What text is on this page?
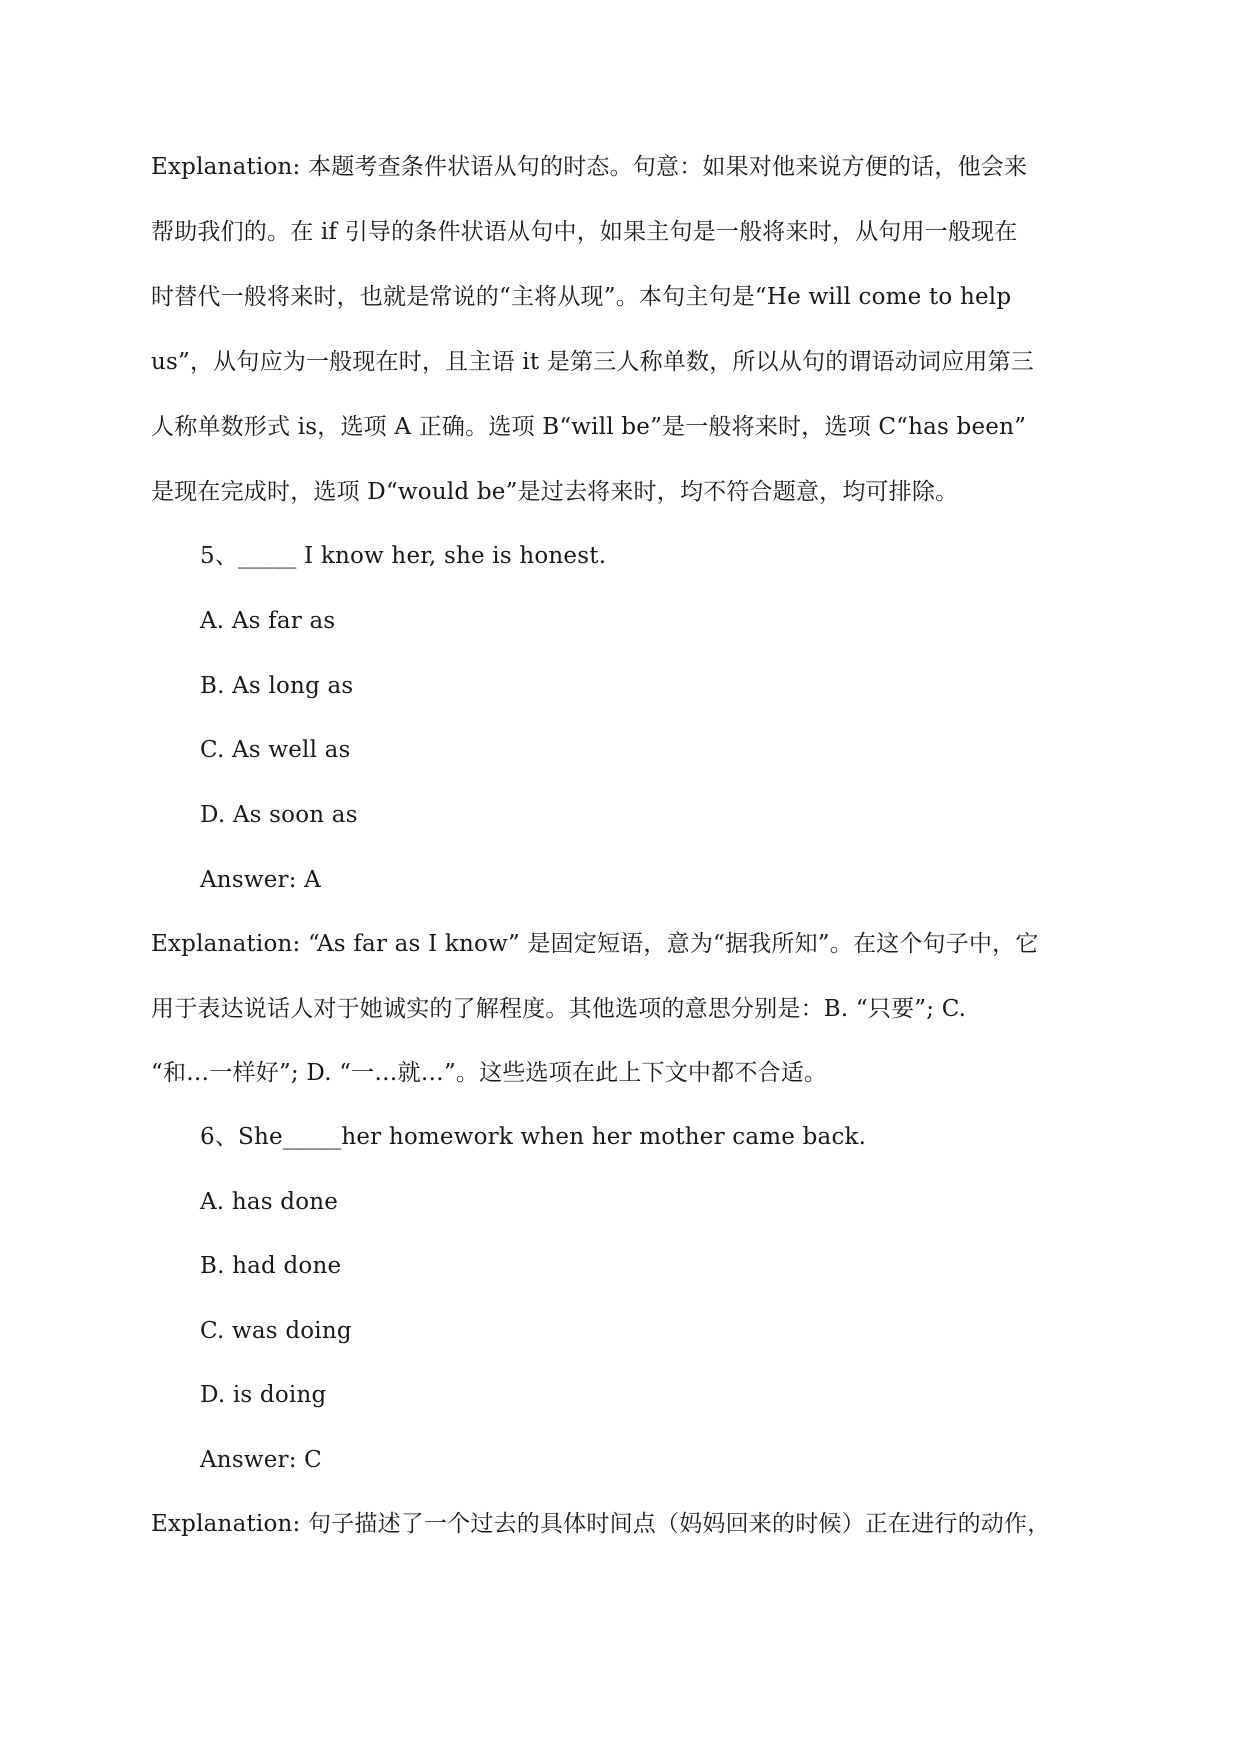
Explanation: 本题考查条件状语从句的时态。句意：如果对他来说方便的话，他会来
帮助我们的。在 if 引导的条件状语从句中，如果主句是一般将来时，从句用一般现在
时替代一般将来时，也就是常说的“主将从现”。本句主句是“He will come to help
us”，从句应为一般现在时，且主语 it 是第三人称单数，所以从句的谓语动词应用第三
人称单数形式 is，选项 A 正确。选项 B“will be”是一般将来时，选项 C“has been”
是现在完成时，选项 D“would be”是过去将来时，均不符合题意，均可排除。
5、_____ I know her, she is honest.
A. As far as
B. As long as
C. As well as
D. As soon as
Answer: A
Explanation: “As far as I know” 是固定短语，意为“据我所知”。在这个句子中，它
用于表达说话人对于她诚实的了解程度。其他选项的意思分别是：B. “只要”; C.
“和…一样好”; D. “一…就…”。这些选项在此上下文中都不合适。
6、She_____her homework when her mother came back.
A. has done
B. had done
C. was doing
D. is doing
Answer: C
Explanation: 句子描述了一个过去的具体时间点（妈妈回来的时候）正在进行的动作，
